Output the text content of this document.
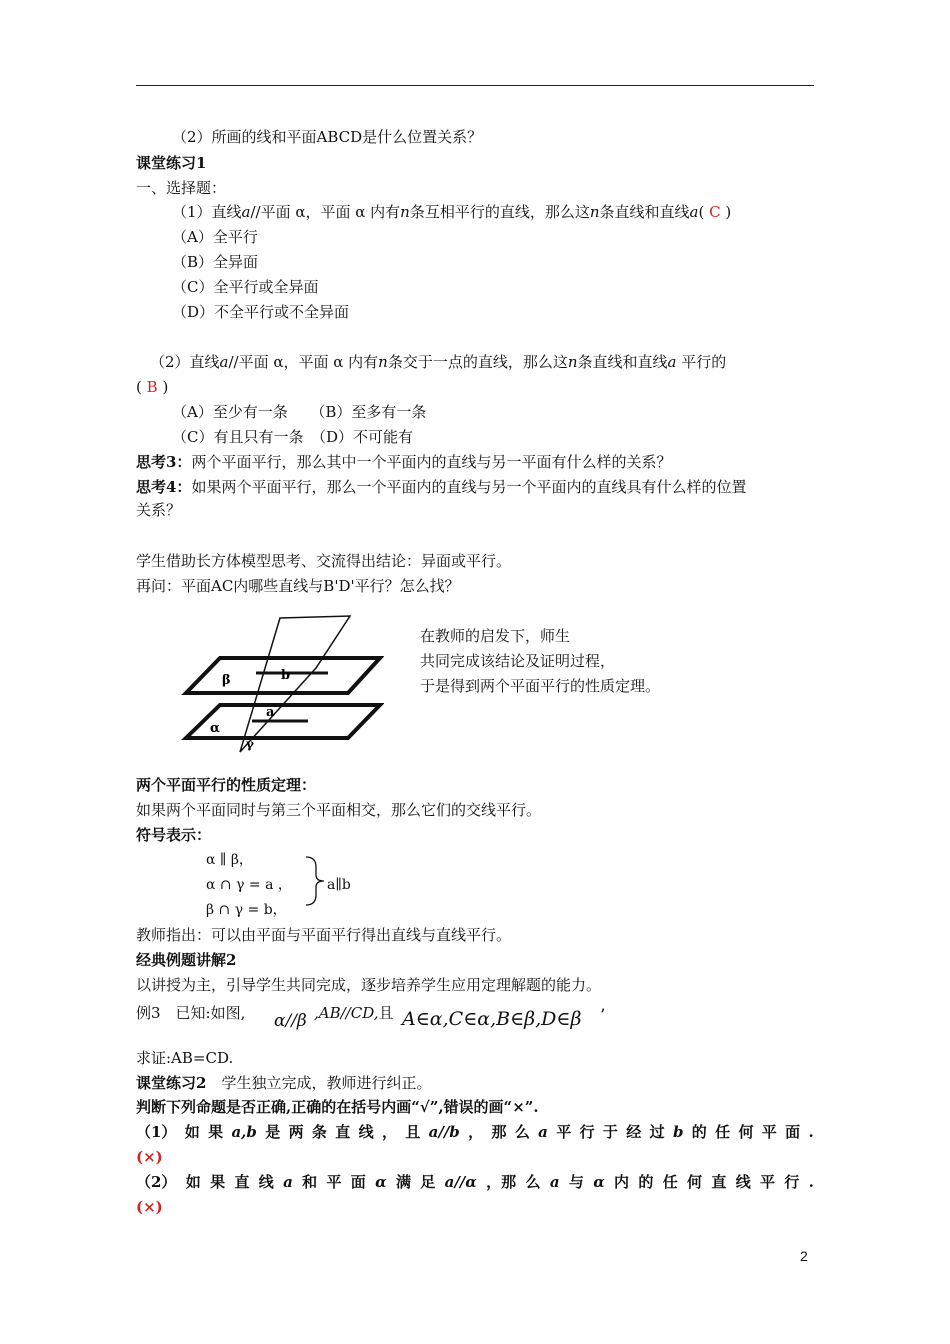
（2）所画的线和平面ABCD是什么位置关系？
课堂练习1
一、选择题：
（1）直线a//平面 α，平面 α 内有n条互相平行的直线，那么这n条直线和直线a( C )
（A）全平行
（B）全异面
（C）全平行或全异面
（D）不全平行或不全异面
（2）直线a//平面 α，平面 α 内有n条交于一点的直线，那么这n条直线和直线a 平行的
( B )
（A）至少有一条　　（B）至多有一条
（C）有且只有一条　（D）不可能有
思考3：两个平面平行，那么其中一个平面内的直线与另一平面有什么样的关系？
思考4：如果两个平面平行，那么一个平面内的直线与另一个平面内的直线具有什么样的位置
关系？
学生借助长方体模型思考、交流得出结论：异面或平行。
再问：平面AC内哪些直线与B'D'平行？怎么找？
β	b
a
α
γ
在教师的启发下，师生
共同完成该结论及证明过程，
于是得到两个平面平行的性质定理。
两个平面平行的性质定理：
如果两个平面同时与第三个平面相交，那么它们的交线平行。
符号表示：
α ∥ β，
α ∩ γ = a ，
β ∩ γ = b，
a∥b
教师指出：可以由平面与平面平行得出直线与直线平行。
经典例题讲解2
以讲授为主，引导学生共同完成，逐步培养学生应用定理解题的能力。
例3　已知:如图, α//β ,AB//CD,且 A∈α,C∈α,B∈β,D∈β ’
求证:AB=CD.
课堂练习2　 学生独立完成，教师进行纠正。
判断下列命题是否正确,正确的在括号内画“√”,错误的画“×”.
（1） 如 果 a,b 是 两 条 直 线 ， 且 a//b ， 那 么 a 平 行 于 经 过 b 的 任 何 平 面 .
(×)
（2） 如 果 直 线 a 和 平 面 α 满 足 a//α ，那 么 a 与 α 内 的 任 何 直 线 平 行 .
(×)
2
